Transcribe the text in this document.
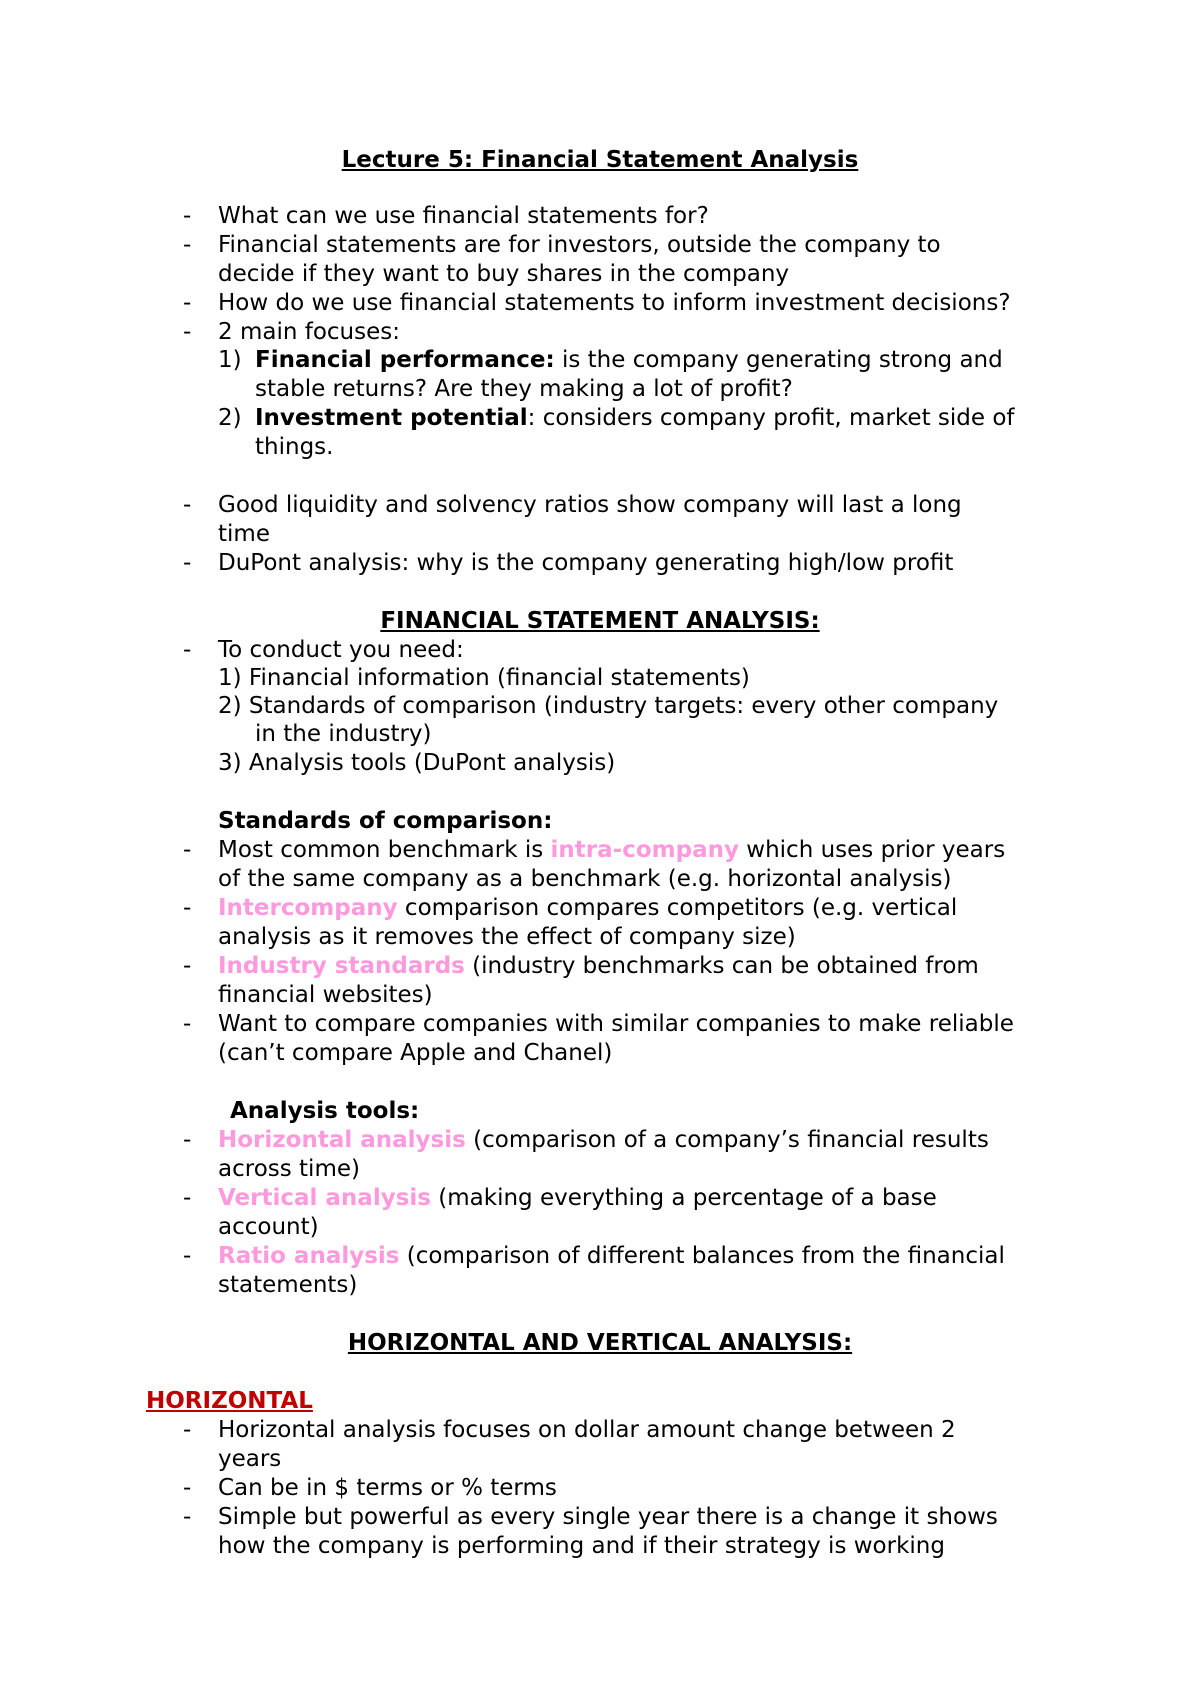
Lecture 5: Financial Statement Analysis
- What can we use financial statements for?
- Financial statements are for investors, outside the company to
decide if they want to buy shares in the company
- How do we use financial statements to inform investment decisions?
- 2 main focuses:
1) Financial performance: is the company generating strong and
stable returns? Are they making a lot of profit?
2) Investment potential: considers company profit, market side of
things.
- Good liquidity and solvency ratios show company will last a long
time
- DuPont analysis: why is the company generating high/low profit
FINANCIAL STATEMENT ANALYSIS:
- To conduct you need:
1) Financial information (financial statements)
2) Standards of comparison (industry targets: every other company
in the industry)
3) Analysis tools (DuPont analysis)
Standards of comparison:
- Most common benchmark is intra-company which uses prior years
of the same company as a benchmark (e.g. horizontal analysis)
- Intercompany comparison compares competitors (e.g. vertical
analysis as it removes the effect of company size)
- Industry standards (industry benchmarks can be obtained from
financial websites)
- Want to compare companies with similar companies to make reliable
(can’t compare Apple and Chanel)
Analysis tools:
- Horizontal analysis (comparison of a company’s financial results
across time)
- Vertical analysis (making everything a percentage of a base
account)
- Ratio analysis (comparison of different balances from the financial
statements)
HORIZONTAL AND VERTICAL ANALYSIS:
HORIZONTAL
- Horizontal analysis focuses on dollar amount change between 2
years
- Can be in $ terms or % terms
- Simple but powerful as every single year there is a change it shows
how the company is performing and if their strategy is working
